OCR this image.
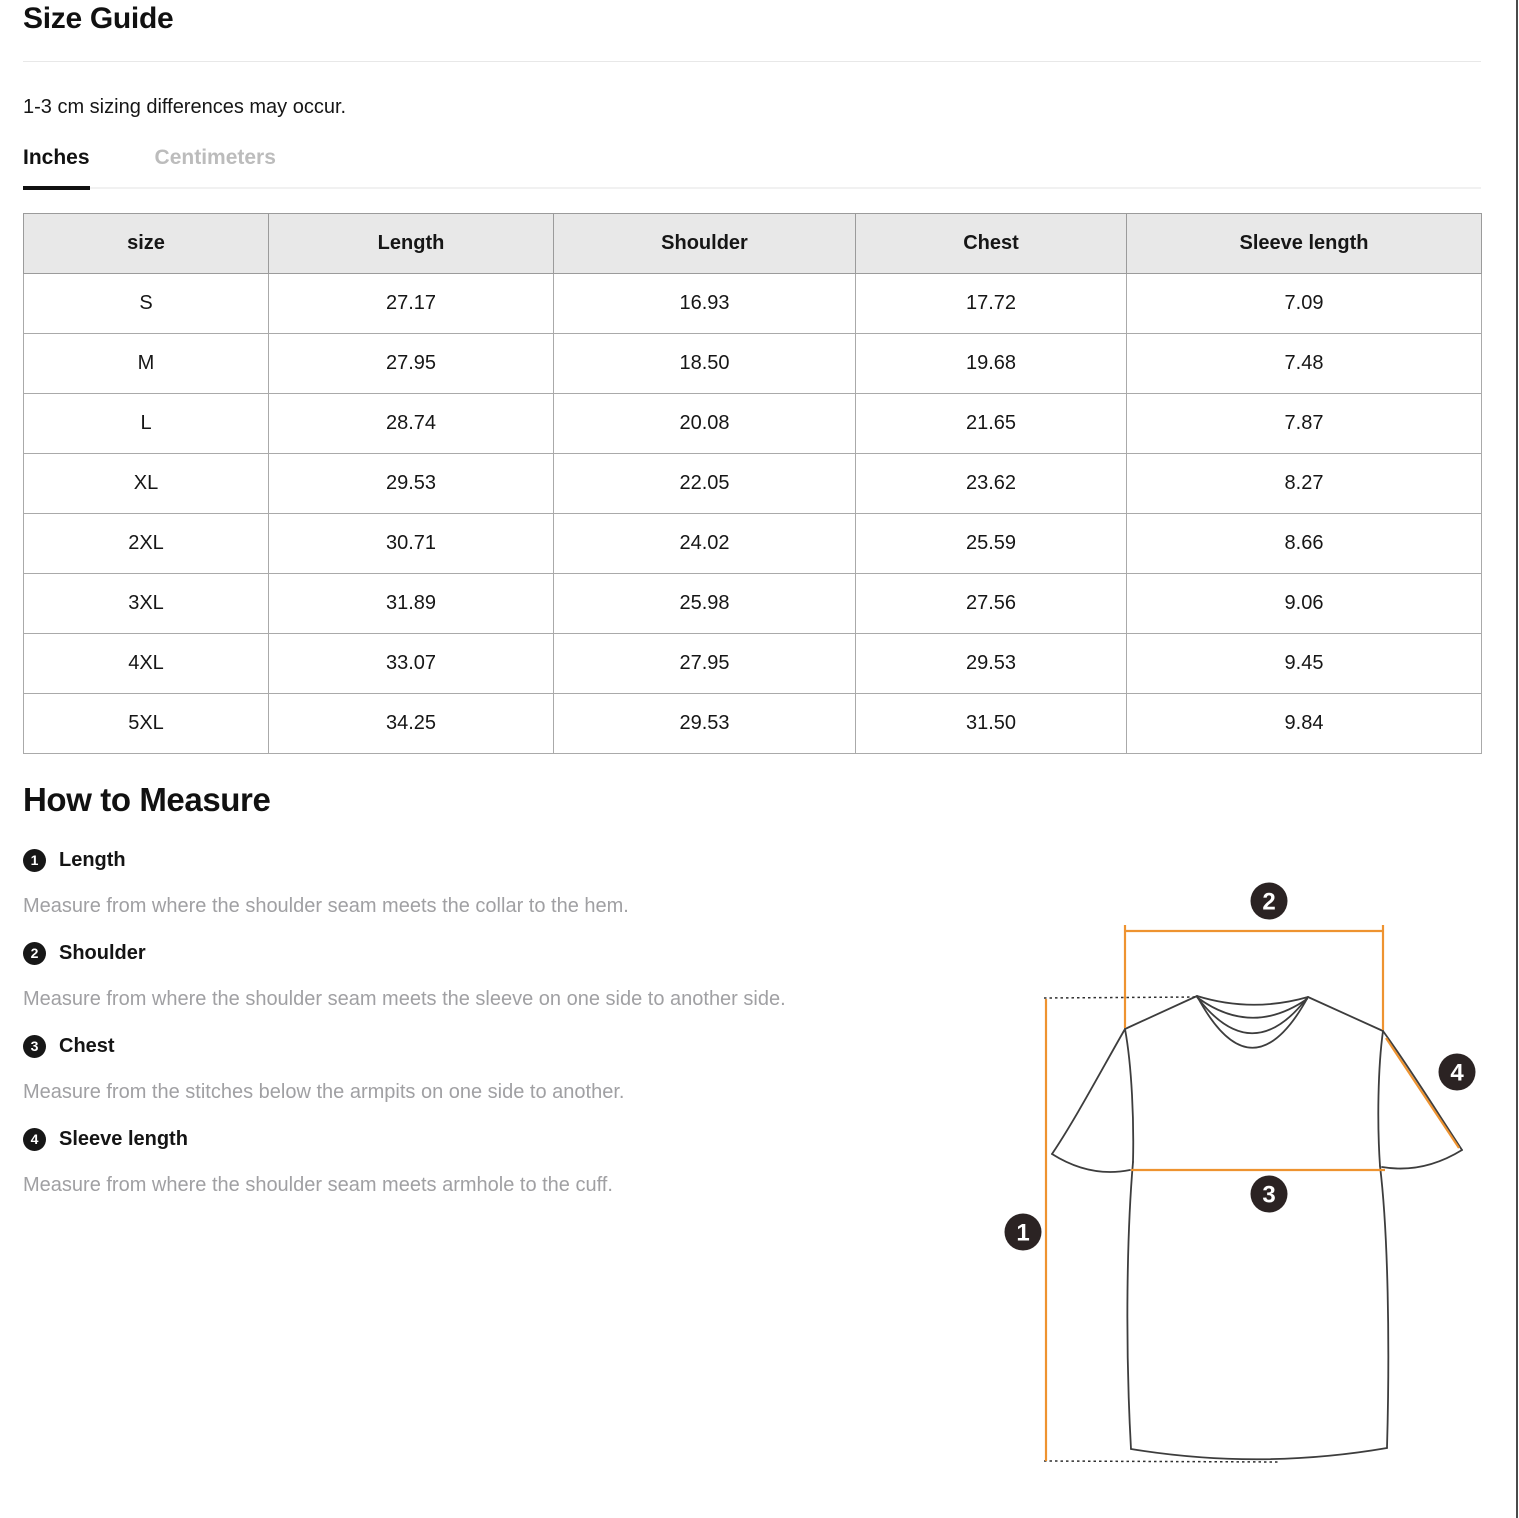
Size Guide

1-3 cm sizing differences may occur.

Inches	Centimeters
size	Length	Shoulder	Chest	Sleeve length
S	27.17	16.93	17.72	7.09
M	27.95	18.50	19.68	7.48
L	28.74	20.08	21.65	7.87
XL	29.53	22.05	23.62	8.27
2XL	30.71	24.02	25.59	8.66
3XL	31.89	25.98	27.56	9.06
4XL	33.07	27.95	29.53	9.45
5XL	34.25	29.53	31.50	9.84
How to Measure
1	Length
Measure from where the shoulder seam meets the collar to the hem.
2	Shoulder
Measure from where the shoulder seam meets the sleeve on one side to another side.
3	Chest
Measure from the stitches below the armpits on one side to another.
4	Sleeve length
Measure from where the shoulder seam meets armhole to the cuff.
1
2
3
4
